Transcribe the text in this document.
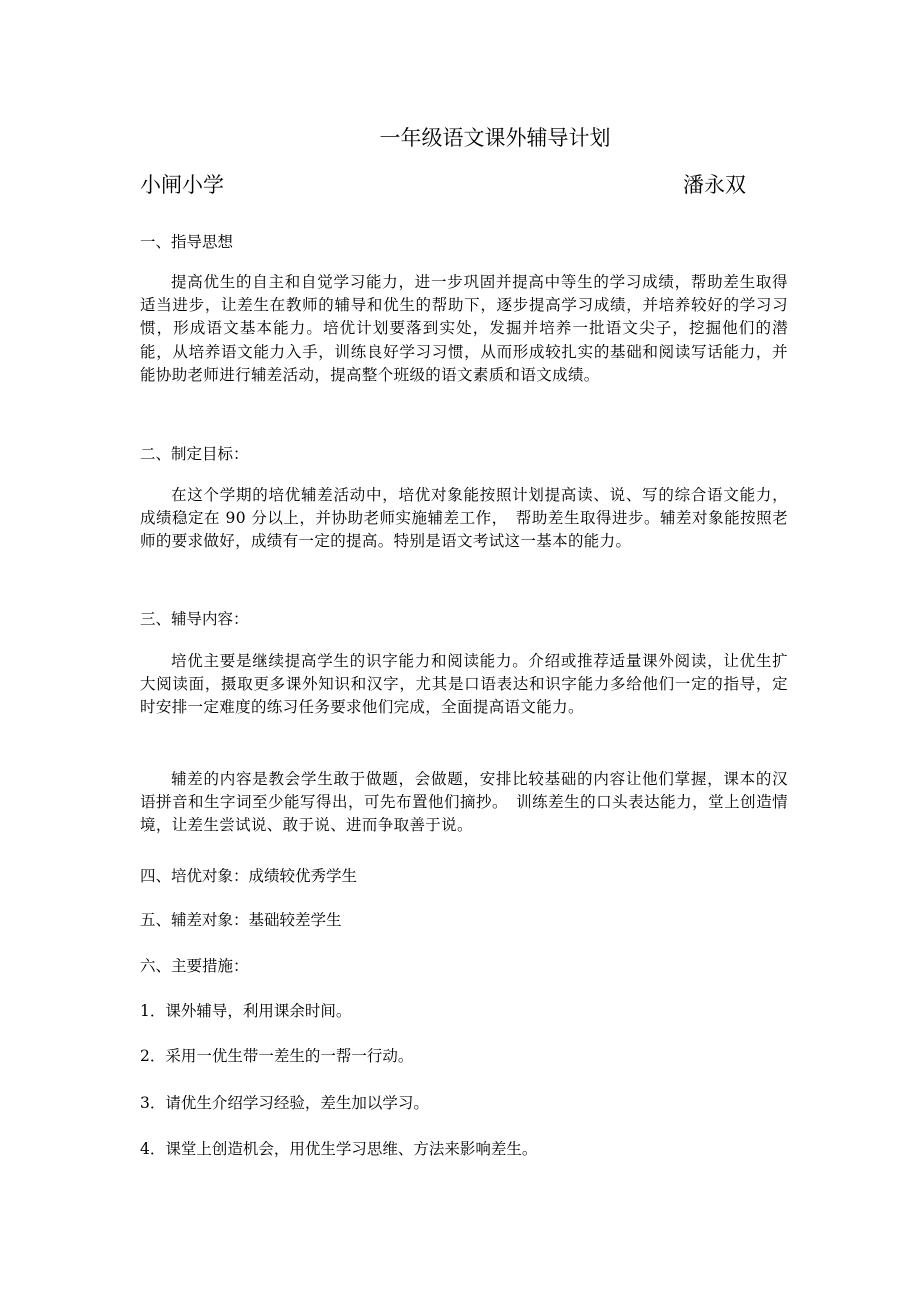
一年级语文课外辅导计划
小闸小学	潘永双
一、指导思想

提高优生的自主和自觉学习能力，进一步巩固并提高中等生的学习成绩，帮助差生取得适当进步，让差生在教师的辅导和优生的帮助下，逐步提高学习成绩，并培养较好的学习习惯，形成语文基本能力。培优计划要落到实处，发掘并培养一批语文尖子，挖掘他们的潜能，从培养语文能力入手，训练良好学习习惯，从而形成较扎实的基础和阅读写话能力，并能协助老师进行辅差活动，提高整个班级的语文素质和语文成绩。

二、制定目标：

在这个学期的培优辅差活动中，培优对象能按照计划提高读、说、写的综合语文能力，成绩稳定在 90 分以上，并协助老师实施辅差工作，　帮助差生取得进步。辅差对象能按照老师的要求做好，成绩有一定的提高。特别是语文考试这一基本的能力。

三、辅导内容：

培优主要是继续提高学生的识字能力和阅读能力。介绍或推荐适量课外阅读，让优生扩大阅读面，摄取更多课外知识和汉字，尤其是口语表达和识字能力多给他们一定的指导，定时安排一定难度的练习任务要求他们完成，全面提高语文能力。

辅差的内容是教会学生敢于做题，会做题，安排比较基础的内容让他们掌握，课本的汉语拼音和生字词至少能写得出，可先布置他们摘抄。　训练差生的口头表达能力，堂上创造情境，让差生尝试说、敢于说、进而争取善于说。

四、培优对象：成绩较优秀学生
五、辅差对象：基础较差学生
六、主要措施：
1．课外辅导，利用课余时间。
2．采用一优生带一差生的一帮一行动。
3．请优生介绍学习经验，差生加以学习。
4．课堂上创造机会，用优生学习思维、方法来影响差生。
